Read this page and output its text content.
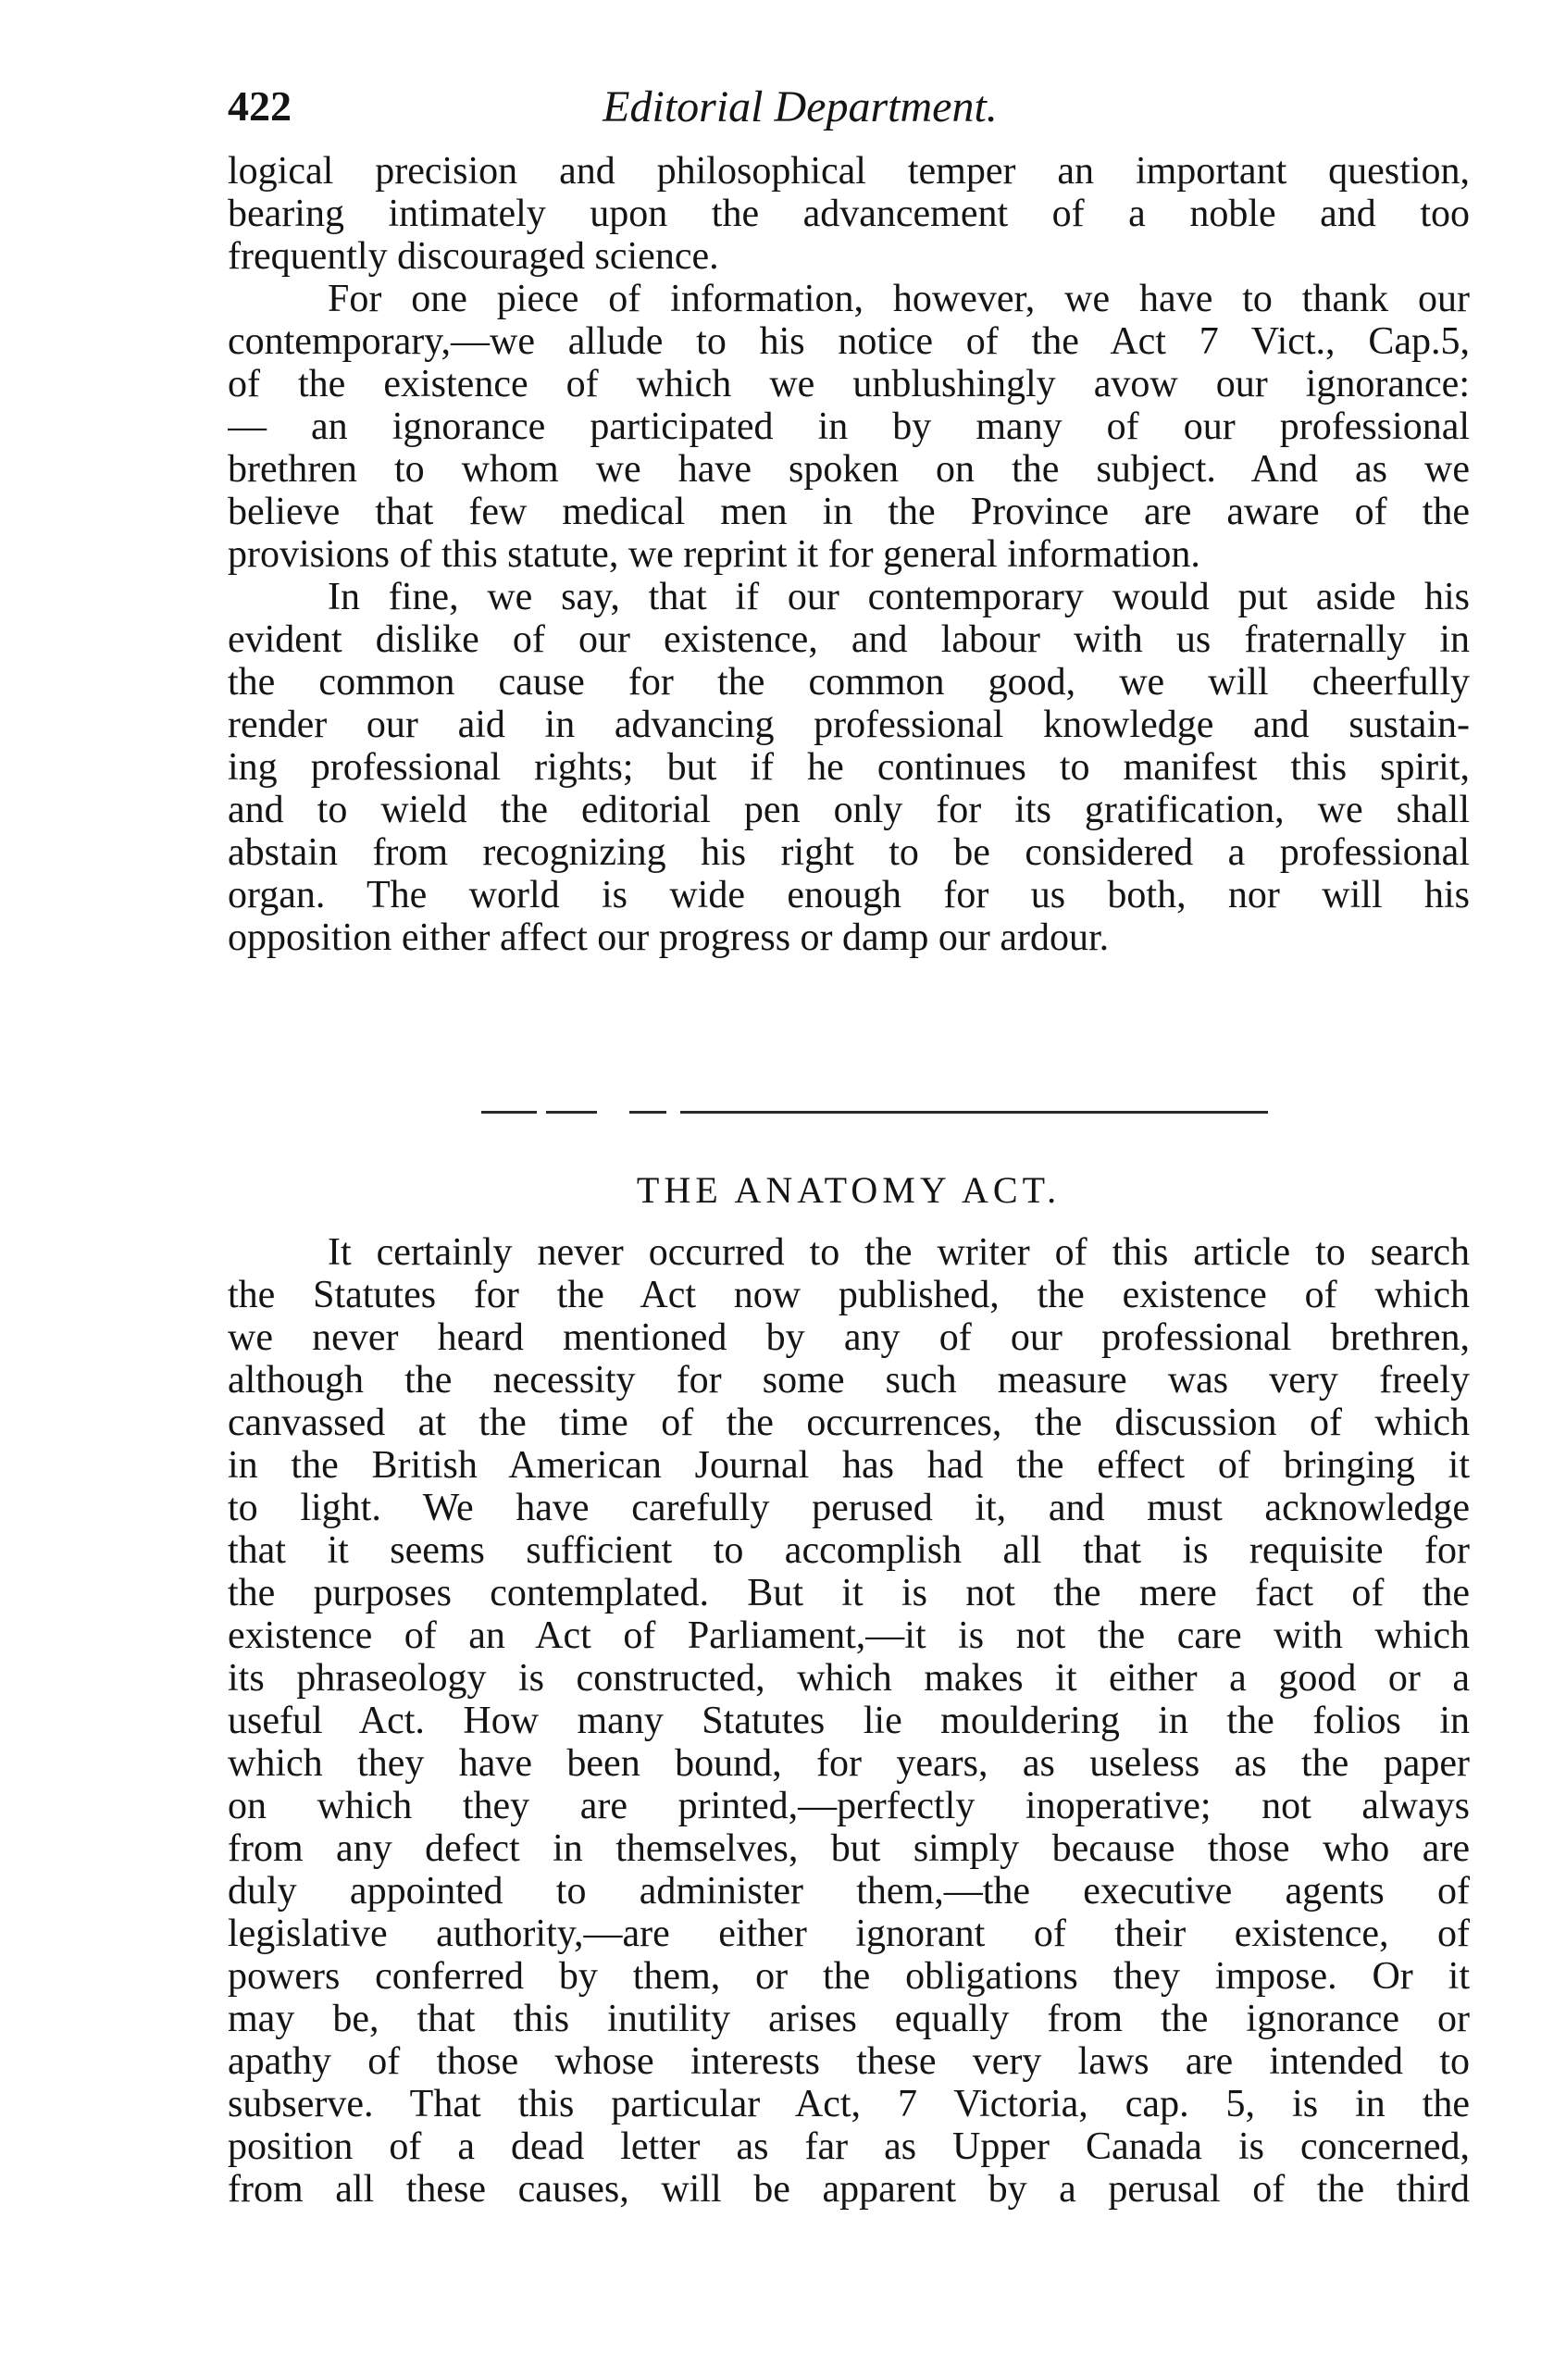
422	Editorial Department.
logical precision and philosophical temper an important question,
bearing intimately upon the advancement of a noble and too
frequently discouraged science.
For one piece of information, however, we have to thank our
contemporary,—we allude to his notice of the Act 7 Vict., Cap.5,
of the existence of which we unblushingly avow our ignorance:
— an ignorance participated in by many of our professional
brethren to whom we have spoken on the subject. And as we
believe that few medical men in the Province are aware of the
provisions of this statute, we reprint it for general information.
In fine, we say, that if our contemporary would put aside his
evident dislike of our existence, and labour with us fraternally in
the common cause for the common good, we will cheerfully
render our aid in advancing professional knowledge and sustain-
ing professional rights; but if he continues to manifest this spirit,
and to wield the editorial pen only for its gratification, we shall
abstain from recognizing his right to be considered a professional
organ. The world is wide enough for us both, nor will his
opposition either affect our progress or damp our ardour.
THE ANATOMY ACT.
It certainly never occurred to the writer of this article to search
the Statutes for the Act now published, the existence of which
we never heard mentioned by any of our professional brethren,
although the necessity for some such measure was very freely
canvassed at the time of the occurrences, the discussion of which
in the British American Journal has had the effect of bringing it
to light. We have carefully perused it, and must acknowledge
that it seems sufficient to accomplish all that is requisite for
the purposes contemplated. But it is not the mere fact of the
existence of an Act of Parliament,—it is not the care with which
its phraseology is constructed, which makes it either a good or a
useful Act. How many Statutes lie mouldering in the folios in
which they have been bound, for years, as useless as the paper
on which they are printed,—perfectly inoperative; not always
from any defect in themselves, but simply because those who are
duly appointed to administer them,—the executive agents of
legislative authority,—are either ignorant of their existence, of
powers conferred by them, or the obligations they impose. Or it
may be, that this inutility arises equally from the ignorance or
apathy of those whose interests these very laws are intended to
subserve. That this particular Act, 7 Victoria, cap. 5, is in the
position of a dead letter as far as Upper Canada is concerned,
from all these causes, will be apparent by a perusal of the third
